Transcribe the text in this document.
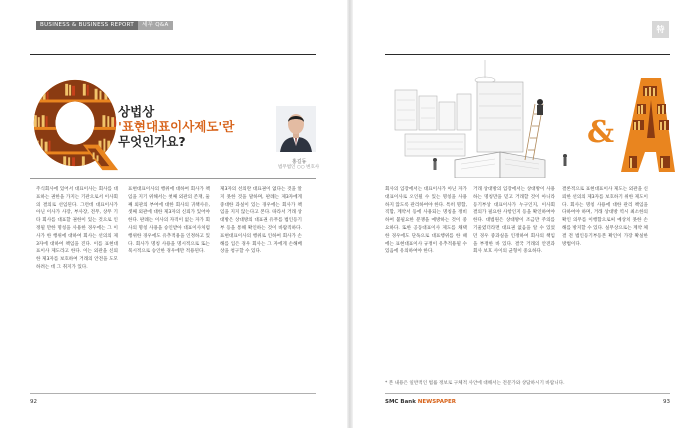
BUSINESS & BUSINESS REPORT	세무 Q&A	特
상법상
'표현대표이사제도'란
무엇인가요?
홍길동
법무법인 ○○ 변호사

주식회사에 있어서 대표이사는 회사를 대표하는 권한을 가지는 기관으로서 이사회의 결의로 선임된다. 그런데 대표이사가 아닌 이사가 사장, 부사장, 전무, 상무 기타 회사를 대표할 권한이 있는 것으로 인정될 만한 명칭을 사용한 경우에는 그 이사가 한 행위에 대하여 회사는 선의의 제3자에 대하여 책임을 진다. 이를 표현대표이사 제도라고 한다. 이는 외관을 신뢰한 제3자를 보호하여 거래의 안전을 도모하려는 데 그 취지가 있다.

표현대표이사의 행위에 대하여 회사가 책임을 지기 위해서는 첫째 외관의 존재, 둘째 외관의 부여에 대한 회사의 귀책사유, 셋째 외관에 대한 제3자의 신뢰가 있어야 한다. 판례는 이사의 자격이 없는 자가 회사의 명칭 사용을 승인받아 대표이사처럼 행위한 경우에도 유추적용을 인정하고 있다. 회사가 명칭 사용을 명시적으로 또는 묵시적으로 승인한 경우에만 적용된다.

제3자의 선의란 대표권이 없다는 것을 알지 못한 것을 말하며, 판례는 제3자에게 중대한 과실이 있는 경우에는 회사가 책임을 지지 않는다고 본다. 따라서 거래 상대방은 상대방의 대표권 유무를 법인등기부 등을 통해 확인하는 것이 바람직하다. 표현대표이사의 행위로 인하여 회사가 손해를 입은 경우 회사는 그 자에게 손해배상을 청구할 수 있다.

&

회사의 입장에서는 대표이사가 아닌 자가 대표이사로 오인될 수 있는 명칭을 사용하지 않도록 관리하여야 한다. 특히 명함, 직함, 계약서 등에 사용되는 명칭을 정비하여 불필요한 분쟁을 예방하는 것이 중요하다. 또한 공동대표이사 제도를 채택한 경우에도 단독으로 대표행위를 한 때에는 표현대표이사 규정이 유추적용될 수 있음에 유의하여야 한다.

거래 상대방의 입장에서는 상대방이 사용하는 명칭만을 믿고 거래할 것이 아니라 등기부상 대표이사가 누구인지, 이사회 결의가 필요한 사항인지 등을 확인하여야 한다. 대법원은 상대방이 조금만 주의를 기울였더라면 대표권 없음을 알 수 있었던 경우 중과실을 인정하여 회사의 책임을 부정한 바 있다. 결국 거래의 안전과 회사 보호 사이의 균형이 중요하다.

결론적으로 표현대표이사 제도는 외관을 신뢰한 선의의 제3자를 보호하기 위한 제도이다. 회사는 명칭 사용에 대한 관리 책임을 다하여야 하며, 거래 상대방 역시 최소한의 확인 의무를 이행함으로써 예상치 못한 손해를 방지할 수 있다. 실무상으로는 계약 체결 전 법인등기부등본 확인이 가장 확실한 방법이다.

* 본 내용은 일반적인 법률 정보로 구체적 사안에 대해서는 전문가와 상담하시기 바랍니다.
92	SMC Bank NEWSPAPER	93
